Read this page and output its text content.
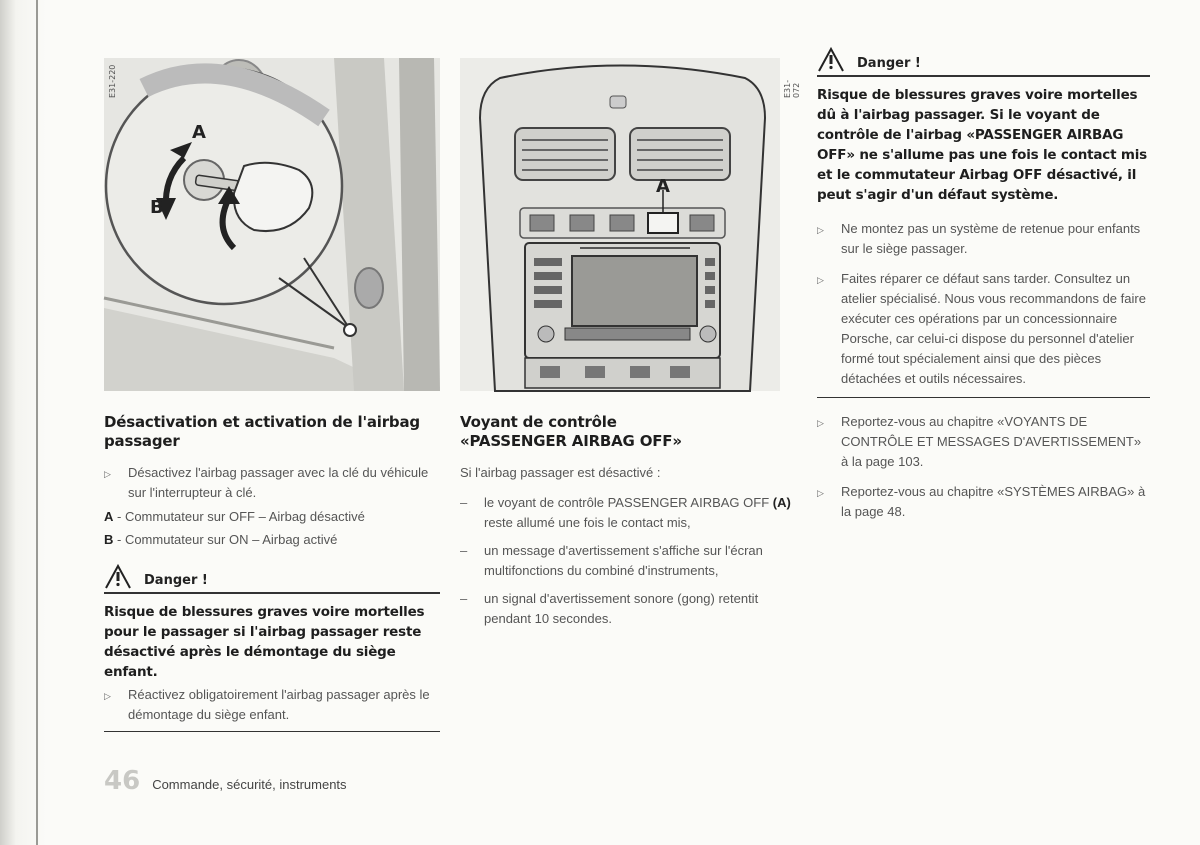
A
B
E31-220
Désactivation et activation de l'airbag passager
▷ Désactivez l'airbag passager avec la clé du véhicule sur l'interrupteur à clé.
A - Commutateur sur OFF – Airbag désactivé
B - Commutateur sur ON – Airbag activé
Danger !
Risque de blessures graves voire mortelles pour le passager si l'airbag passager reste désactivé après le démontage du siège enfant.
▷ Réactivez obligatoirement l'airbag passager après le démontage du siège enfant.
A
E31-072
Voyant de contrôle
«PASSENGER AIRBAG OFF»
Si l'airbag passager est désactivé :
– le voyant de contrôle PASSENGER AIRBAG OFF (A) reste allumé une fois le contact mis,
– un message d'avertissement s'affiche sur l'écran multifonctions du combiné d'instruments,
– un signal d'avertissement sonore (gong) retentit pendant 10 secondes.
Danger !
Risque de blessures graves voire mortelles dû à l'airbag passager. Si le voyant de contrôle de l'airbag «PASSENGER AIRBAG OFF» ne s'allume pas une fois le contact mis et le commutateur Airbag OFF désactivé, il peut s'agir d'un défaut système.
▷ Ne montez pas un système de retenue pour enfants sur le siège passager.
▷ Faites réparer ce défaut sans tarder. Consultez un atelier spécialisé. Nous vous recommandons de faire exécuter ces opérations par un concessionnaire Porsche, car celui-ci dispose du personnel d'atelier formé tout spécialement ainsi que des pièces détachées et outils nécessaires.
▷ Reportez-vous au chapitre «VOYANTS DE CONTRÔLE ET MESSAGES D'AVERTISSEMENT» à la page 103.
▷ Reportez-vous au chapitre «SYSTÈMES AIRBAG» à la page 48.
46 Commande, sécurité, instruments
